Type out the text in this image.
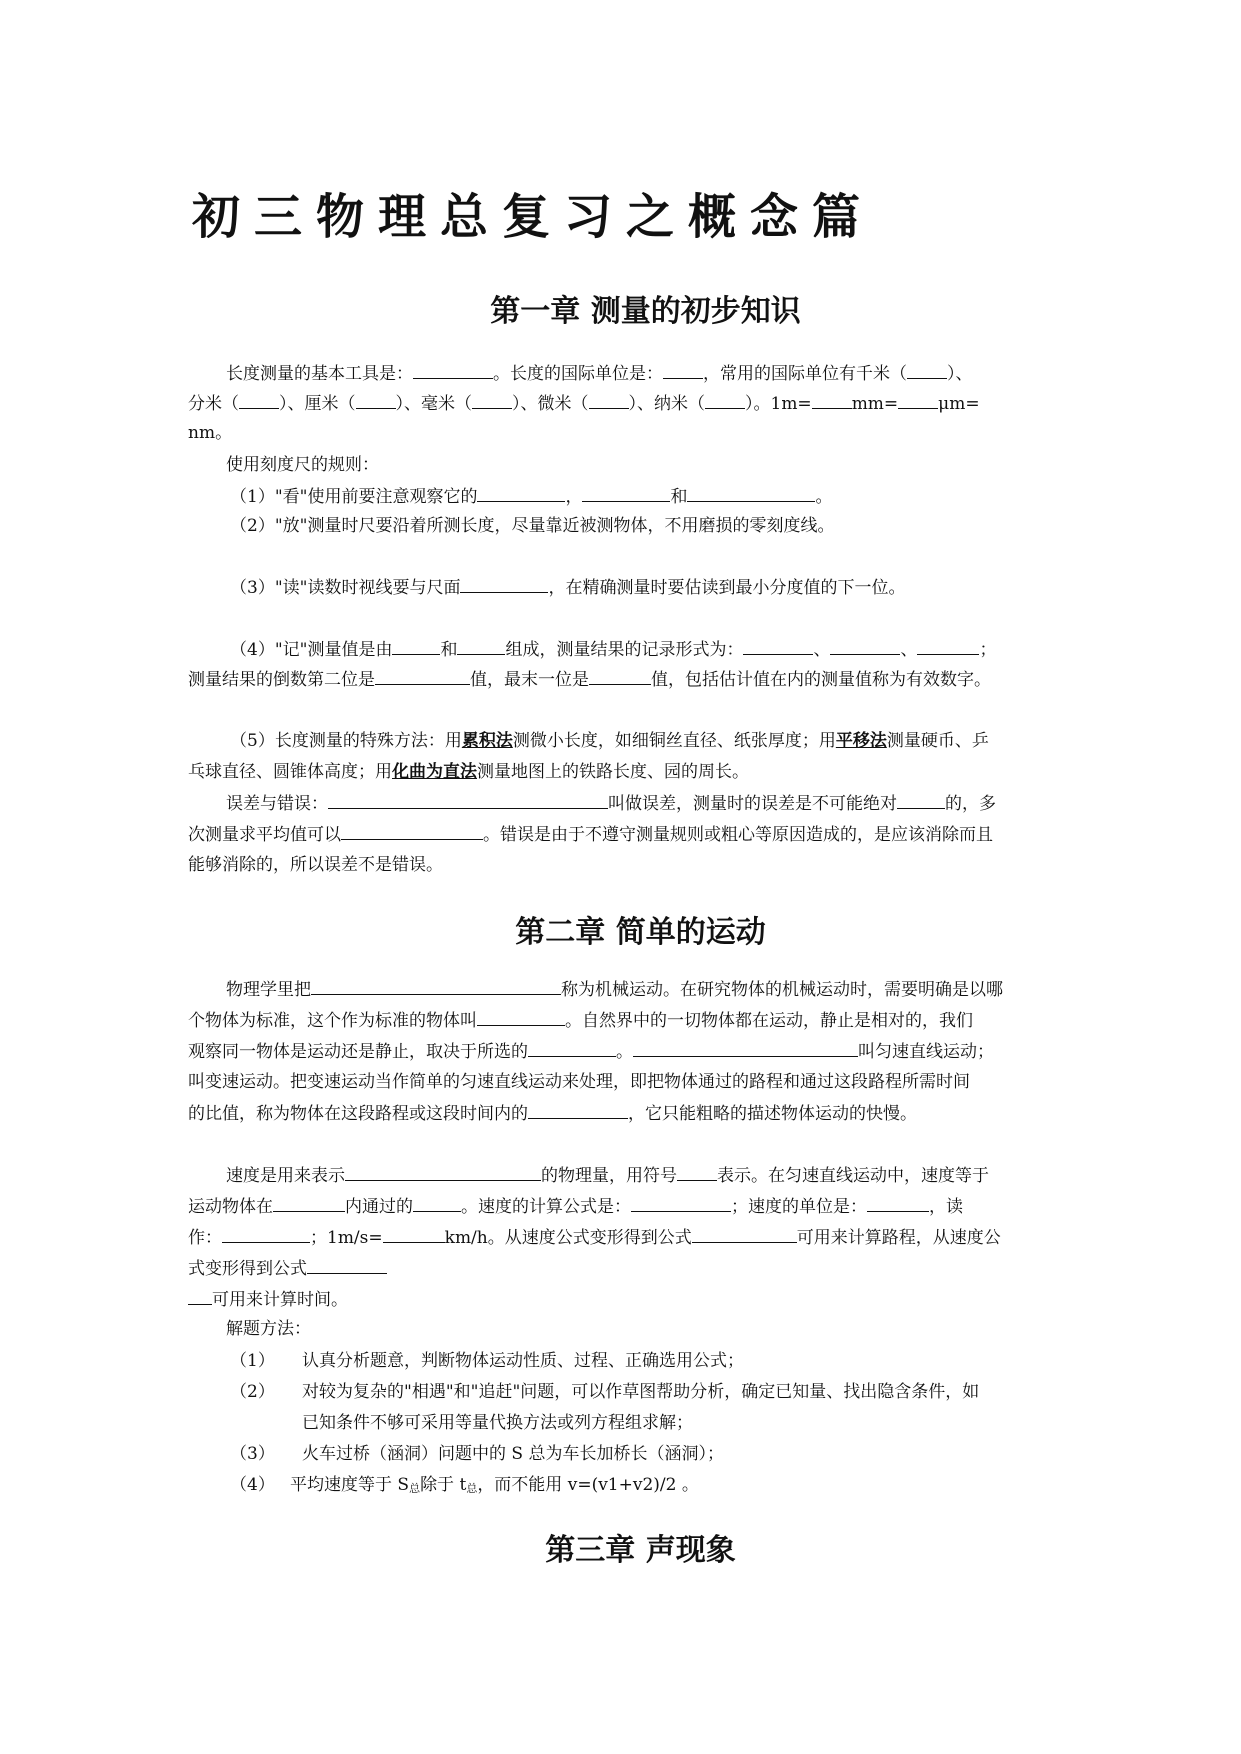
初三物理总复习之概念篇
第一章 测量的初步知识

长度测量的基本工具是：	。长度的国际单位是： ，常用的国际单位有千米（ ）、

分米（ ）、厘米（ ）、毫米（ ）、微米（ ）、纳米（ ）。1m= mm= μm=

nm。

使用刻度尺的规则：

（1）"看"使用前要注意观察它的	，	和	。

（2）"放"测量时尺要沿着所测长度，尽量靠近被测物体，不用磨损的零刻度线。

（3）"读"读数时视线要与尺面	，在精确测量时要估读到最小分度值的下一位。

（4）"记"测量值是由	和	组成，测量结果的记录形式为：	、	、	；

测量结果的倒数第二位是	值，最末一位是	值，包括估计值在内的测量值称为有效数字。

（5）长度测量的特殊方法：用累积法测微小长度，如细铜丝直径、纸张厚度；用平移法测量硬币、乒

乓球直径、圆锥体高度；用化曲为直法测量地图上的铁路长度、园的周长。

误差与错误：	叫做误差，测量时的误差是不可能绝对	的，多

次测量求平均值可以	。错误是由于不遵守测量规则或粗心等原因造成的，是应该消除而且

能够消除的，所以误差不是错误。

第二章 简单的运动

物理学里把	称为机械运动。在研究物体的机械运动时，需要明确是以哪

个物体为标准，这个作为标准的物体叫	。自然界中的一切物体都在运动，静止是相对的，我们

观察同一物体是运动还是静止，取决于所选的	。	叫匀速直线运动；

叫变速运动。把变速运动当作简单的匀速直线运动来处理，即把物体通过的路程和通过这段路程所需时间

的比值，称为物体在这段路程或这段时间内的	，它只能粗略的描述物体运动的快慢。

速度是用来表示	的物理量，用符号 表示。在匀速直线运动中，速度等于

运动物体在	内通过的	。速度的计算公式是：	；速度的单位是：	，读

作：	；1m/s=	km/h。从速度公式变形得到公式	可用来计算路程，从速度公

式变形得到公式

可用来计算时间。

解题方法：

（1） 认真分析题意，判断物体运动性质、过程、正确选用公式；

（2） 对较为复杂的"相遇"和"追赶"问题，可以作草图帮助分析，确定已知量、找出隐含条件，如

已知条件不够可采用等量代换方法或列方程组求解；

（3） 火车过桥（涵洞）问题中的 S 总为车长加桥长（涵洞）；

（4） 平均速度等于 S总除于 t总，而不能用 v=(v1+v2)/2 。

第三章 声现象
